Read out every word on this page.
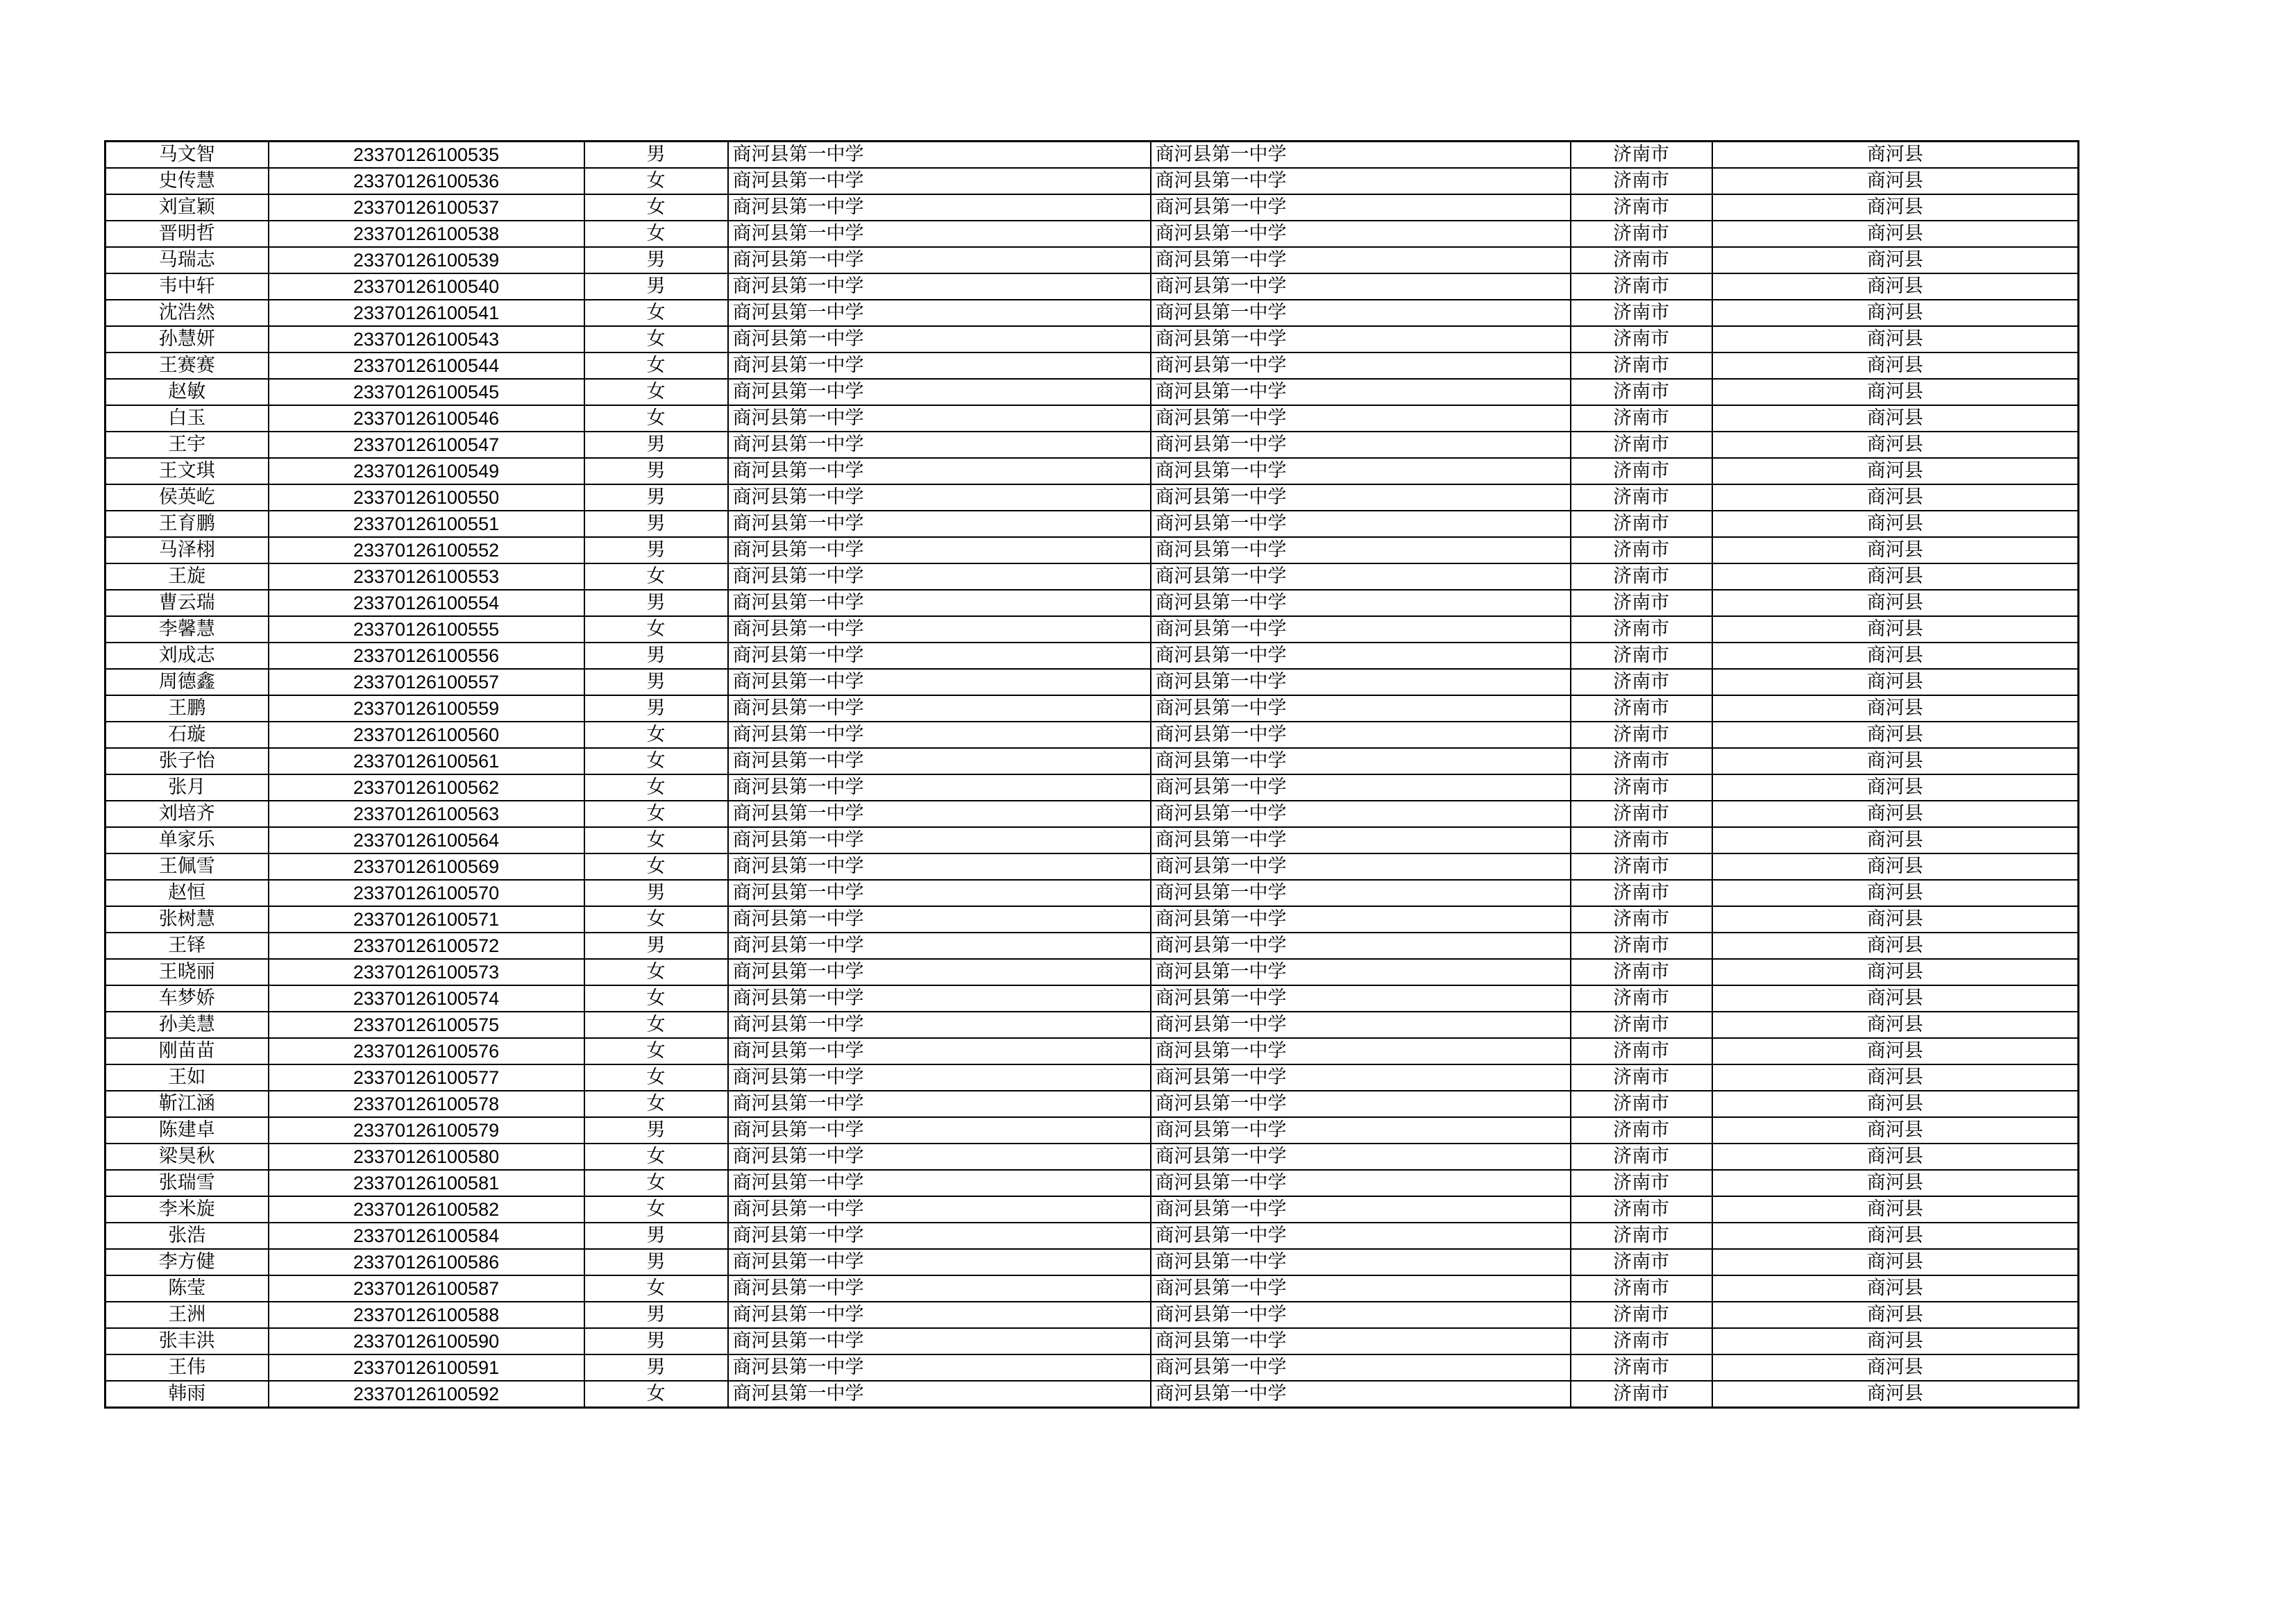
马文智	23370126100535	男	商河县第一中学	商河县第一中学	济南市	商河县
史传慧	23370126100536	女	商河县第一中学	商河县第一中学	济南市	商河县
刘宣颖	23370126100537	女	商河县第一中学	商河县第一中学	济南市	商河县
晋明哲	23370126100538	女	商河县第一中学	商河县第一中学	济南市	商河县
马瑞志	23370126100539	男	商河县第一中学	商河县第一中学	济南市	商河县
韦中轩	23370126100540	男	商河县第一中学	商河县第一中学	济南市	商河县
沈浩然	23370126100541	女	商河县第一中学	商河县第一中学	济南市	商河县
孙慧妍	23370126100543	女	商河县第一中学	商河县第一中学	济南市	商河县
王赛赛	23370126100544	女	商河县第一中学	商河县第一中学	济南市	商河县
赵敏	23370126100545	女	商河县第一中学	商河县第一中学	济南市	商河县
白玉	23370126100546	女	商河县第一中学	商河县第一中学	济南市	商河县
王宇	23370126100547	男	商河县第一中学	商河县第一中学	济南市	商河县
王文琪	23370126100549	男	商河县第一中学	商河县第一中学	济南市	商河县
侯英屹	23370126100550	男	商河县第一中学	商河县第一中学	济南市	商河县
王育鹏	23370126100551	男	商河县第一中学	商河县第一中学	济南市	商河县
马泽栩	23370126100552	男	商河县第一中学	商河县第一中学	济南市	商河县
王旋	23370126100553	女	商河县第一中学	商河县第一中学	济南市	商河县
曹云瑞	23370126100554	男	商河县第一中学	商河县第一中学	济南市	商河县
李馨慧	23370126100555	女	商河县第一中学	商河县第一中学	济南市	商河县
刘成志	23370126100556	男	商河县第一中学	商河县第一中学	济南市	商河县
周德鑫	23370126100557	男	商河县第一中学	商河县第一中学	济南市	商河县
王鹏	23370126100559	男	商河县第一中学	商河县第一中学	济南市	商河县
石璇	23370126100560	女	商河县第一中学	商河县第一中学	济南市	商河县
张子怡	23370126100561	女	商河县第一中学	商河县第一中学	济南市	商河县
张月	23370126100562	女	商河县第一中学	商河县第一中学	济南市	商河县
刘培齐	23370126100563	女	商河县第一中学	商河县第一中学	济南市	商河县
单家乐	23370126100564	女	商河县第一中学	商河县第一中学	济南市	商河县
王佩雪	23370126100569	女	商河县第一中学	商河县第一中学	济南市	商河县
赵恒	23370126100570	男	商河县第一中学	商河县第一中学	济南市	商河县
张树慧	23370126100571	女	商河县第一中学	商河县第一中学	济南市	商河县
王铎	23370126100572	男	商河县第一中学	商河县第一中学	济南市	商河县
王晓丽	23370126100573	女	商河县第一中学	商河县第一中学	济南市	商河县
车梦娇	23370126100574	女	商河县第一中学	商河县第一中学	济南市	商河县
孙美慧	23370126100575	女	商河县第一中学	商河县第一中学	济南市	商河县
刚苗苗	23370126100576	女	商河县第一中学	商河县第一中学	济南市	商河县
王如	23370126100577	女	商河县第一中学	商河县第一中学	济南市	商河县
靳江涵	23370126100578	女	商河县第一中学	商河县第一中学	济南市	商河县
陈建卓	23370126100579	男	商河县第一中学	商河县第一中学	济南市	商河县
梁昊秋	23370126100580	女	商河县第一中学	商河县第一中学	济南市	商河县
张瑞雪	23370126100581	女	商河县第一中学	商河县第一中学	济南市	商河县
李米旋	23370126100582	女	商河县第一中学	商河县第一中学	济南市	商河县
张浩	23370126100584	男	商河县第一中学	商河县第一中学	济南市	商河县
李方健	23370126100586	男	商河县第一中学	商河县第一中学	济南市	商河县
陈莹	23370126100587	女	商河县第一中学	商河县第一中学	济南市	商河县
王洲	23370126100588	男	商河县第一中学	商河县第一中学	济南市	商河县
张丰洪	23370126100590	男	商河县第一中学	商河县第一中学	济南市	商河县
王伟	23370126100591	男	商河县第一中学	商河县第一中学	济南市	商河县
韩雨	23370126100592	女	商河县第一中学	商河县第一中学	济南市	商河县
